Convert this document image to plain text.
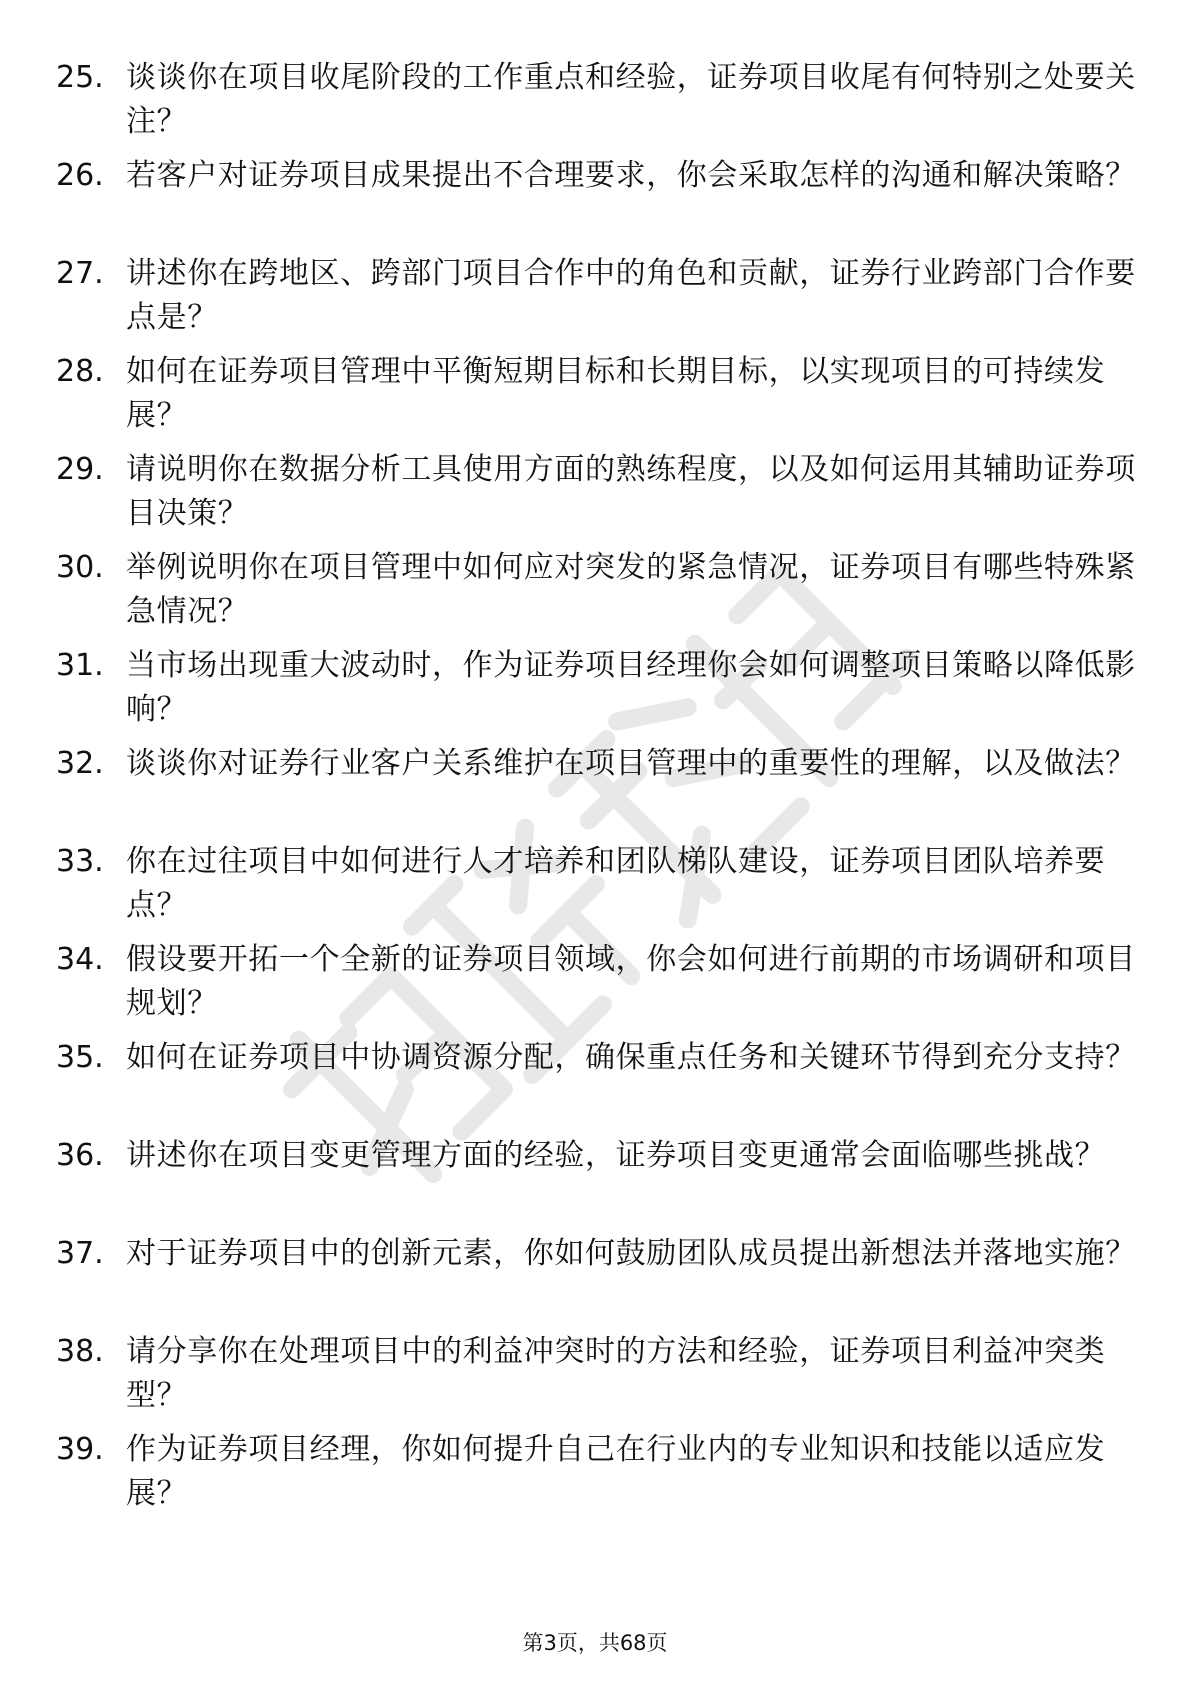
25. 谈谈你在项目收尾阶段的工作重点和经验，证券项目收尾有何特别之处要关注？
26. 若客户对证券项目成果提出不合理要求，你会采取怎样的沟通和解决策略？
27. 讲述你在跨地区、跨部门项目合作中的角色和贡献，证券行业跨部门合作要点是？
28. 如何在证券项目管理中平衡短期目标和长期目标，以实现项目的可持续发展？
29. 请说明你在数据分析工具使用方面的熟练程度，以及如何运用其辅助证券项目决策？
30. 举例说明你在项目管理中如何应对突发的紧急情况，证券项目有哪些特殊紧急情况？
31. 当市场出现重大波动时，作为证券项目经理你会如何调整项目策略以降低影响？
32. 谈谈你对证券行业客户关系维护在项目管理中的重要性的理解，以及做法？
33. 你在过往项目中如何进行人才培养和团队梯队建设，证券项目团队培养要点？
34. 假设要开拓一个全新的证券项目领域，你会如何进行前期的市场调研和项目规划？
35. 如何在证券项目中协调资源分配，确保重点任务和关键环节得到充分支持？
36. 讲述你在项目变更管理方面的经验，证券项目变更通常会面临哪些挑战？
37. 对于证券项目中的创新元素，你如何鼓励团队成员提出新想法并落地实施？
38. 请分享你在处理项目中的利益冲突时的方法和经验，证券项目利益冲突类型？
39. 作为证券项目经理，你如何提升自己在行业内的专业知识和技能以适应发展？
第3页，共68页
